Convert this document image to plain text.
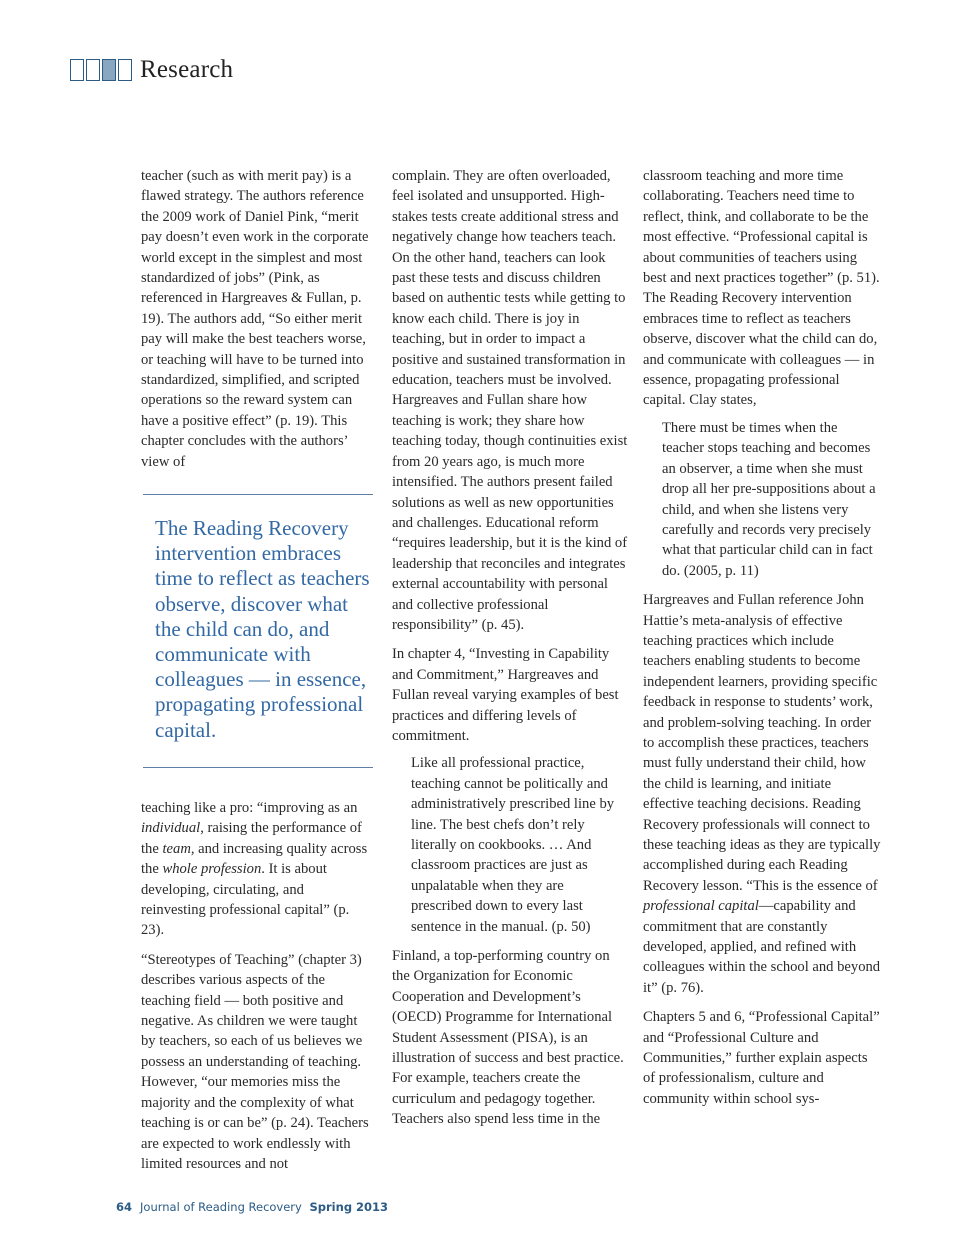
Research

teacher (such as with merit pay) is a flawed strategy. The authors reference the 2009 work of Daniel Pink, “merit pay doesn’t even work in the corporate world except in the simplest and most standardized of jobs” (Pink, as referenced in Hargreaves & Fullan, p. 19). The authors add, “So either merit pay will make the best teachers worse, or teaching will have to be turned into standardized, simplified, and scripted operations so the reward system can have a positive effect” (p. 19). This chapter concludes with the authors’ view of

The Reading Recovery intervention embraces time to reflect as teachers observe, discover what the child can do, and communicate with colleagues — in essence, propagating professional capital.

teaching like a pro: “improving as an individual, raising the performance of the team, and increasing quality across the whole profession. It is about developing, circulating, and reinvesting professional capital” (p. 23).

“Stereotypes of Teaching” (chapter 3) describes various aspects of the teaching field — both positive and negative. As children we were taught by teachers, so each of us believes we possess an understanding of teaching. However, “our memories miss the majority and the complexity of what teaching is or can be” (p. 24). Teachers are expected to work endlessly with limited resources and not

complain. They are often overloaded, feel isolated and unsupported. High-stakes tests create additional stress and negatively change how teachers teach. On the other hand, teachers can look past these tests and discuss children based on authentic tests while getting to know each child. There is joy in teaching, but in order to impact a positive and sustained transformation in education, teachers must be involved. Hargreaves and Fullan share how teaching is work; they share how teaching today, though continuities exist from 20 years ago, is much more intensified. The authors present failed solutions as well as new opportunities and challenges. Educational reform “requires leadership, but it is the kind of leadership that reconciles and integrates external accountability with personal and collective professional responsibility” (p. 45).

In chapter 4, “Investing in Capability and Commitment,” Hargreaves and Fullan reveal varying examples of best practices and differing levels of commitment.

Like all professional practice, teaching cannot be politically and administratively prescribed line by line. The best chefs don’t rely literally on cookbooks. … And classroom practices are just as unpalatable when they are prescribed down to every last sentence in the manual. (p. 50)

Finland, a top-performing country on the Organization for Economic Cooperation and Development’s (OECD) Programme for International Student Assessment (PISA), is an illustration of success and best practice. For example, teachers create the curriculum and pedagogy together. Teachers also spend less time in the

classroom teaching and more time collaborating. Teachers need time to reflect, think, and collaborate to be the most effective. “Professional capital is about communities of teachers using best and next practices together” (p. 51). The Reading Recovery intervention embraces time to reflect as teachers observe, discover what the child can do, and communicate with colleagues — in essence, propagating professional capital. Clay states,

There must be times when the teacher stops teaching and becomes an observer, a time when she must drop all her pre-suppositions about a child, and when she listens very carefully and records very precisely what that particular child can in fact do. (2005, p. 11)

Hargreaves and Fullan reference John Hattie’s meta-analysis of effective teaching practices which include teachers enabling students to become independent learners, providing specific feedback in response to students’ work, and problem-solving teaching. In order to accomplish these practices, teachers must fully understand their child, how the child is learning, and initiate effective teaching decisions. Reading Recovery professionals will connect to these teaching ideas as they are typically accomplished during each Reading Recovery lesson. “This is the essence of professional capital—capability and commitment that are constantly developed, applied, and refined with colleagues within the school and beyond it” (p. 76).

Chapters 5 and 6, “Professional Capital” and “Professional Culture and Communities,” further explain aspects of professionalism, culture and community within school sys-

64 Journal of Reading Recovery Spring 2013
